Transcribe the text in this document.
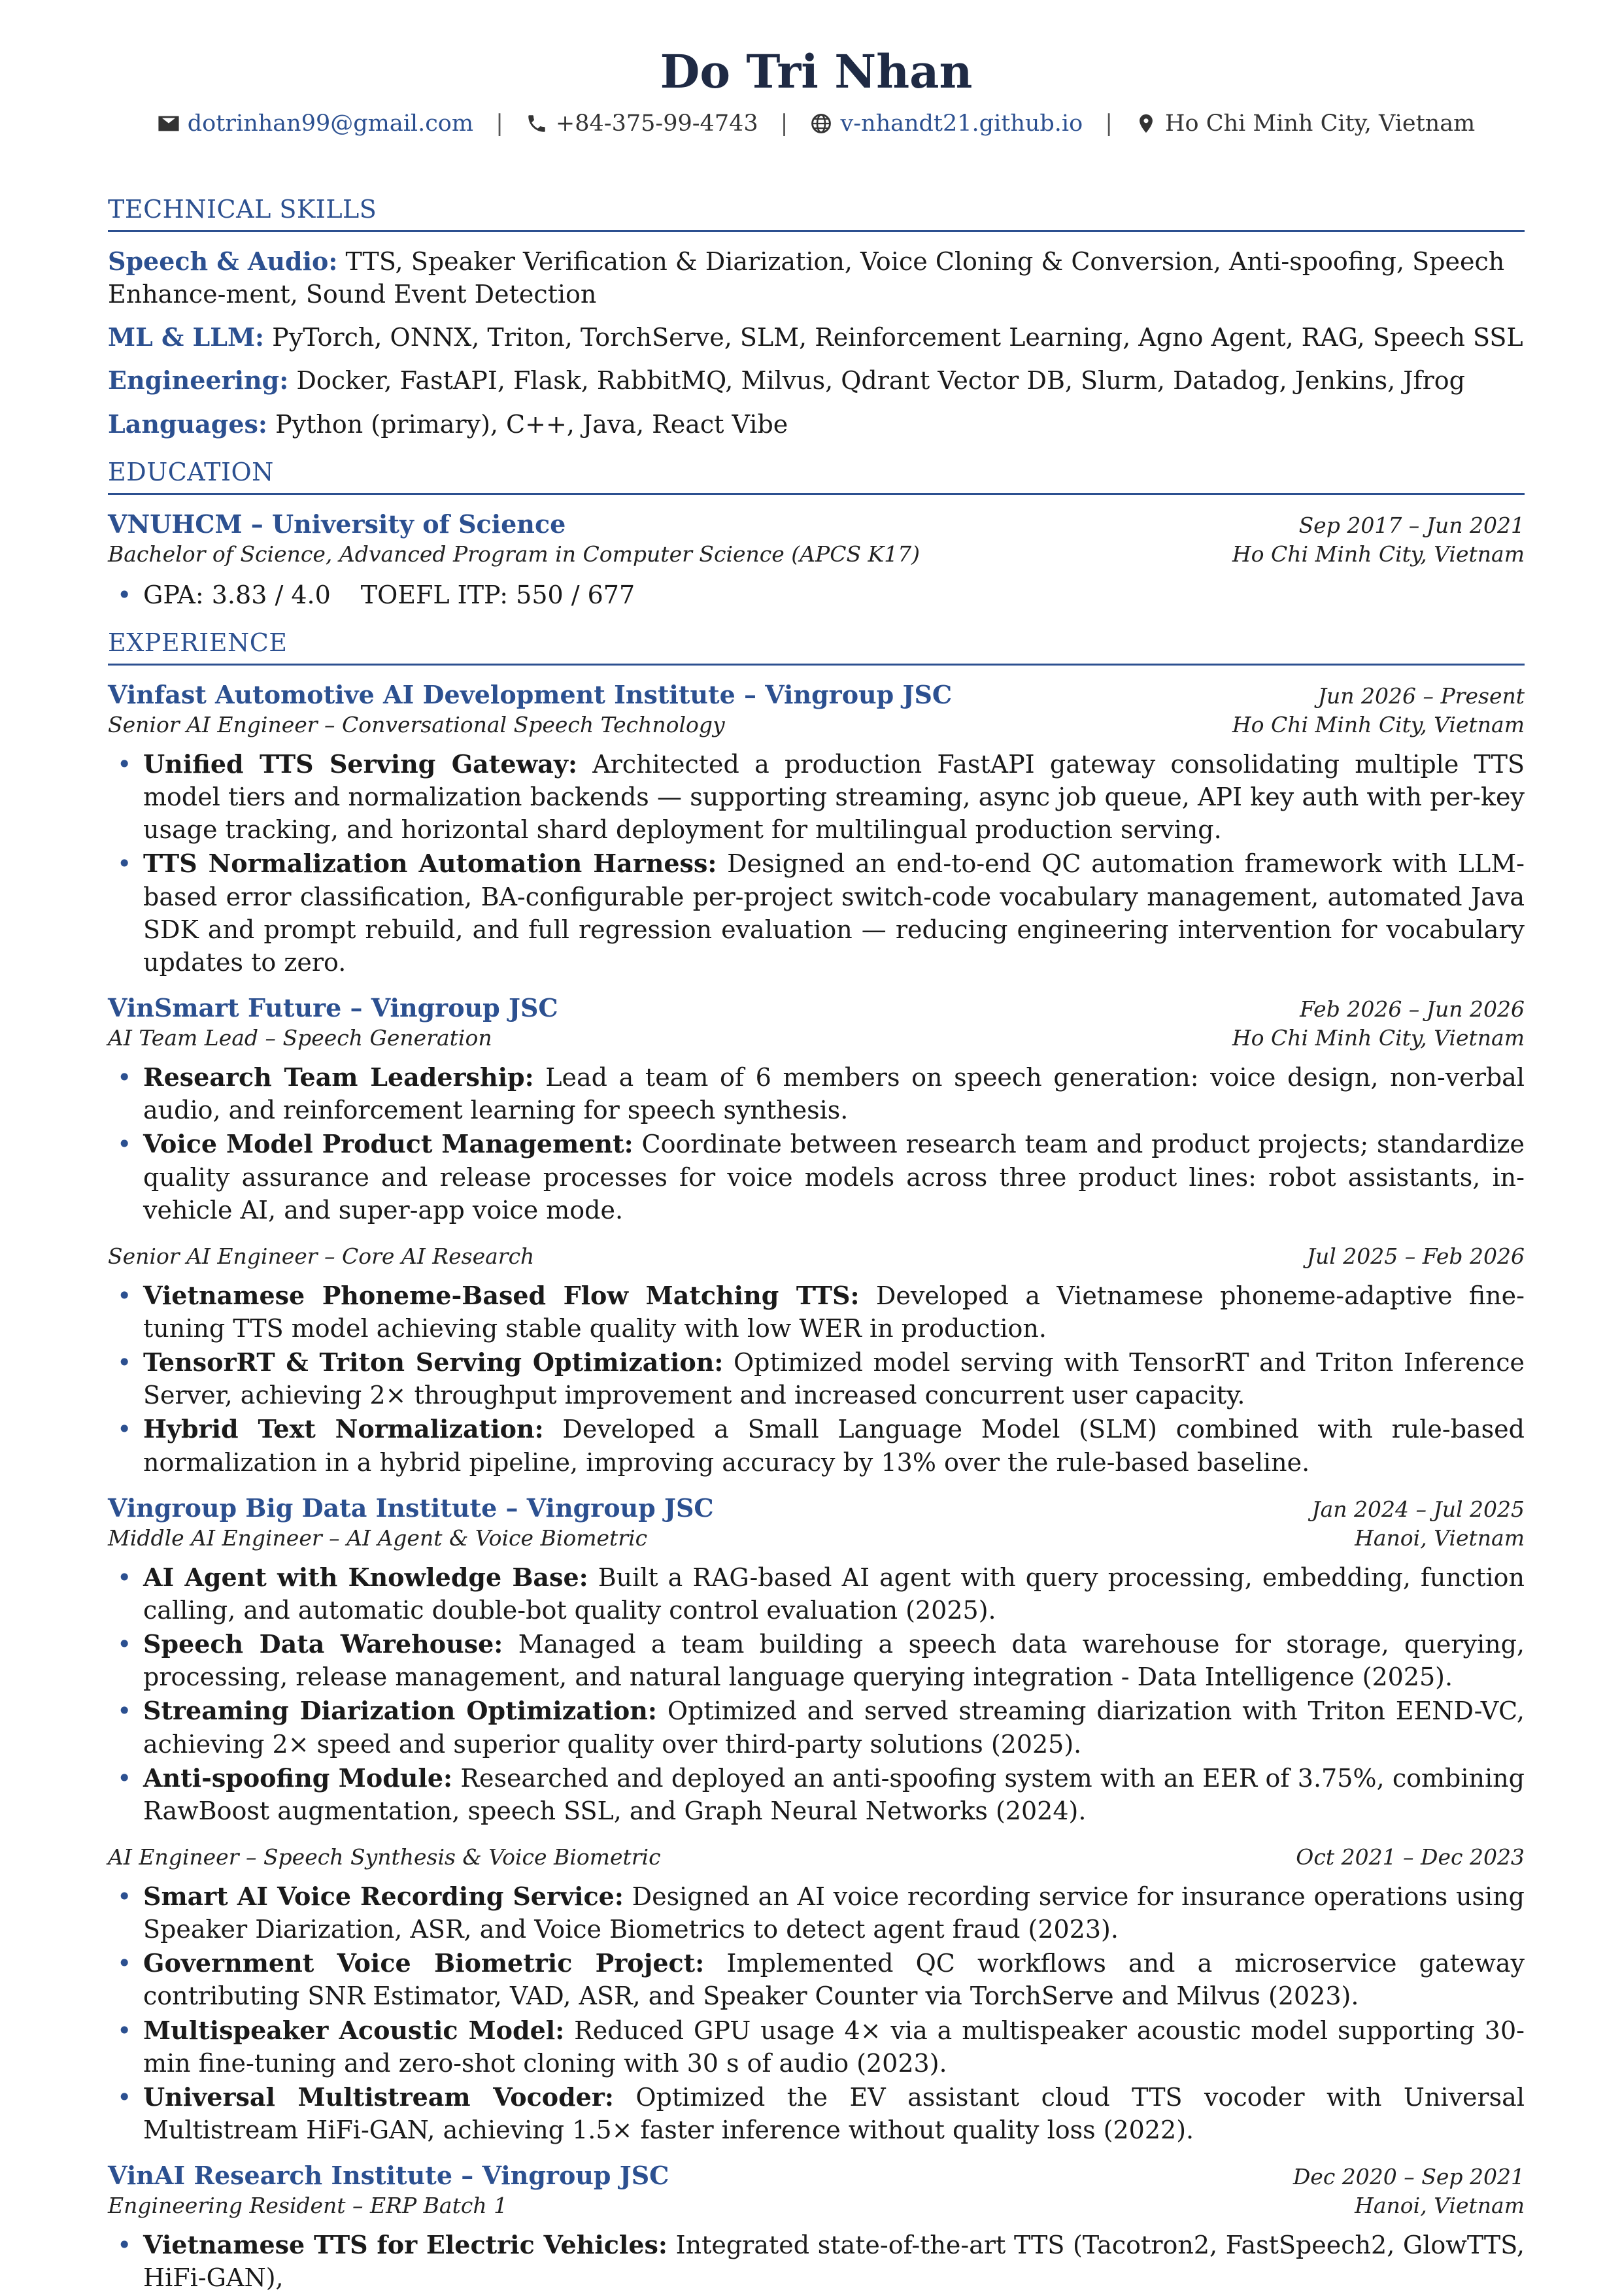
Do Tri Nhan
dotrinhan99@gmail.com | +84-375-99-4743 | v-nhandt21.github.io | Ho Chi Minh City, Vietnam
TECHNICAL SKILLS
Speech & Audio: TTS, Speaker Verification & Diarization, Voice Cloning & Conversion, Anti-spoofing, Speech Enhance-ment, Sound Event Detection
ML & LLM: PyTorch, ONNX, Triton, TorchServe, SLM, Reinforcement Learning, Agno Agent, RAG, Speech SSL
Engineering: Docker, FastAPI, Flask, RabbitMQ, Milvus, Qdrant Vector DB, Slurm, Datadog, Jenkins, Jfrog
Languages: Python (primary), C++, Java, React Vibe
EDUCATION
VNUHCM – University of Science	Sep 2017 – Jun 2021
Bachelor of Science, Advanced Program in Computer Science (APCS K17)	Ho Chi Minh City, Vietnam
• GPA: 3.83 / 4.0 TOEFL ITP: 550 / 677
EXPERIENCE
Vinfast Automotive AI Development Institute – Vingroup JSC	Jun 2026 – Present
Senior AI Engineer – Conversational Speech Technology	Ho Chi Minh City, Vietnam
• Unified TTS Serving Gateway: Architected a production FastAPI gateway consolidating multiple TTS model tiers and normalization backends — supporting streaming, async job queue, API key auth with per-key usage tracking, and horizontal shard deployment for multilingual production serving.
• TTS Normalization Automation Harness: Designed an end-to-end QC automation framework with LLM-based error classification, BA-configurable per-project switch-code vocabulary management, automated Java SDK and prompt rebuild, and full regression evaluation — reducing engineering intervention for vocabulary updates to zero.
VinSmart Future – Vingroup JSC	Feb 2026 – Jun 2026
AI Team Lead – Speech Generation	Ho Chi Minh City, Vietnam
• Research Team Leadership: Lead a team of 6 members on speech generation: voice design, non-verbal audio, and reinforcement learning for speech synthesis.
• Voice Model Product Management: Coordinate between research team and product projects; standardize quality assurance and release processes for voice models across three product lines: robot assistants, in-vehicle AI, and super-app voice mode.
Senior AI Engineer – Core AI Research	Jul 2025 – Feb 2026
• Vietnamese Phoneme-Based Flow Matching TTS: Developed a Vietnamese phoneme-adaptive fine-tuning TTS model achieving stable quality with low WER in production.
• TensorRT & Triton Serving Optimization: Optimized model serving with TensorRT and Triton Inference Server, achieving 2× throughput improvement and increased concurrent user capacity.
• Hybrid Text Normalization: Developed a Small Language Model (SLM) combined with rule-based normalization in a hybrid pipeline, improving accuracy by 13% over the rule-based baseline.
Vingroup Big Data Institute – Vingroup JSC	Jan 2024 – Jul 2025
Middle AI Engineer – AI Agent & Voice Biometric	Hanoi, Vietnam
• AI Agent with Knowledge Base: Built a RAG-based AI agent with query processing, embedding, function calling, and automatic double-bot quality control evaluation (2025).
• Speech Data Warehouse: Managed a team building a speech data warehouse for storage, querying, processing, release management, and natural language querying integration - Data Intelligence (2025).
• Streaming Diarization Optimization: Optimized and served streaming diarization with Triton EEND-VC, achieving 2× speed and superior quality over third-party solutions (2025).
• Anti-spoofing Module: Researched and deployed an anti-spoofing system with an EER of 3.75%, combining RawBoost augmentation, speech SSL, and Graph Neural Networks (2024).
AI Engineer – Speech Synthesis & Voice Biometric	Oct 2021 – Dec 2023
• Smart AI Voice Recording Service: Designed an AI voice recording service for insurance operations using Speaker Diarization, ASR, and Voice Biometrics to detect agent fraud (2023).
• Government Voice Biometric Project: Implemented QC workflows and a microservice gateway contributing SNR Estimator, VAD, ASR, and Speaker Counter via TorchServe and Milvus (2023).
• Multispeaker Acoustic Model: Reduced GPU usage 4× via a multispeaker acoustic model supporting 30-min fine-tuning and zero-shot cloning with 30 s of audio (2023).
• Universal Multistream Vocoder: Optimized the EV assistant cloud TTS vocoder with Universal Multistream HiFi-GAN, achieving 1.5× faster inference without quality loss (2022).
VinAI Research Institute – Vingroup JSC	Dec 2020 – Sep 2021
Engineering Resident – ERP Batch 1	Hanoi, Vietnam
• Vietnamese TTS for Electric Vehicles: Integrated state-of-the-art TTS (Tacotron2, FastSpeech2, GlowTTS, HiFi-GAN),
